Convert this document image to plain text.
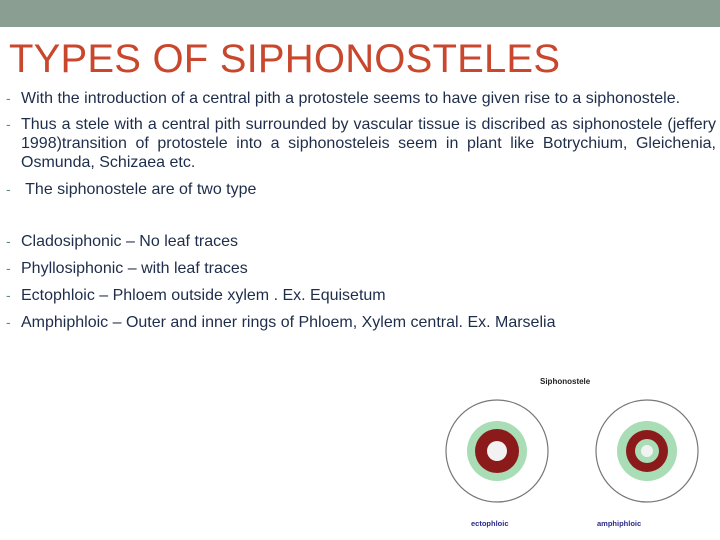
TYPES OF SIPHONOSTELES
- With the introduction of a central pith a protostele seems to have given rise to a siphonostele.
- Thus a stele with a central pith surrounded by vascular tissue is discribed as siphonostele (jeffery 1998)transition of protostele into a siphonosteleis seem in plant like Botrychium, Gleichenia, Osmunda, Schizaea etc.
- The siphonostele are of two type
- Cladosiphonic – No leaf traces
- Phyllosiphonic – with leaf traces
- Ectophloic – Phloem outside xylem . Ex. Equisetum
- Amphiphloic – Outer and inner rings of Phloem, Xylem central. Ex. Marselia
Siphonostele
ectophloic	amphiphloic
